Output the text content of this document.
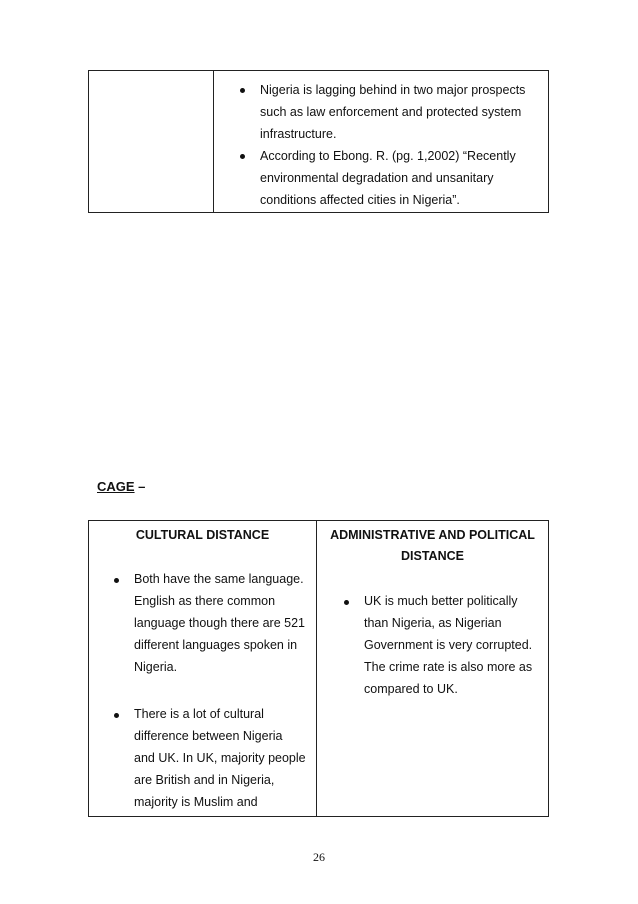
Nigeria is lagging behind in two major prospects
such as law enforcement and protected system
infrastructure.
According to Ebong. R. (pg. 1,2002) “Recently
environmental degradation and unsanitary
conditions affected cities in Nigeria”.
CAGE –
CULTURAL DISTANCE
Both have the same language.
English as there common
language though there are 521
different languages spoken in
Nigeria.
There is a lot of cultural
difference between Nigeria
and UK. In UK, majority people
are British and in Nigeria,
majority is Muslim and
ADMINISTRATIVE AND POLITICAL
DISTANCE
UK is much better politically
than Nigeria, as Nigerian
Government is very corrupted.
The crime rate is also more as
compared to UK.
26
